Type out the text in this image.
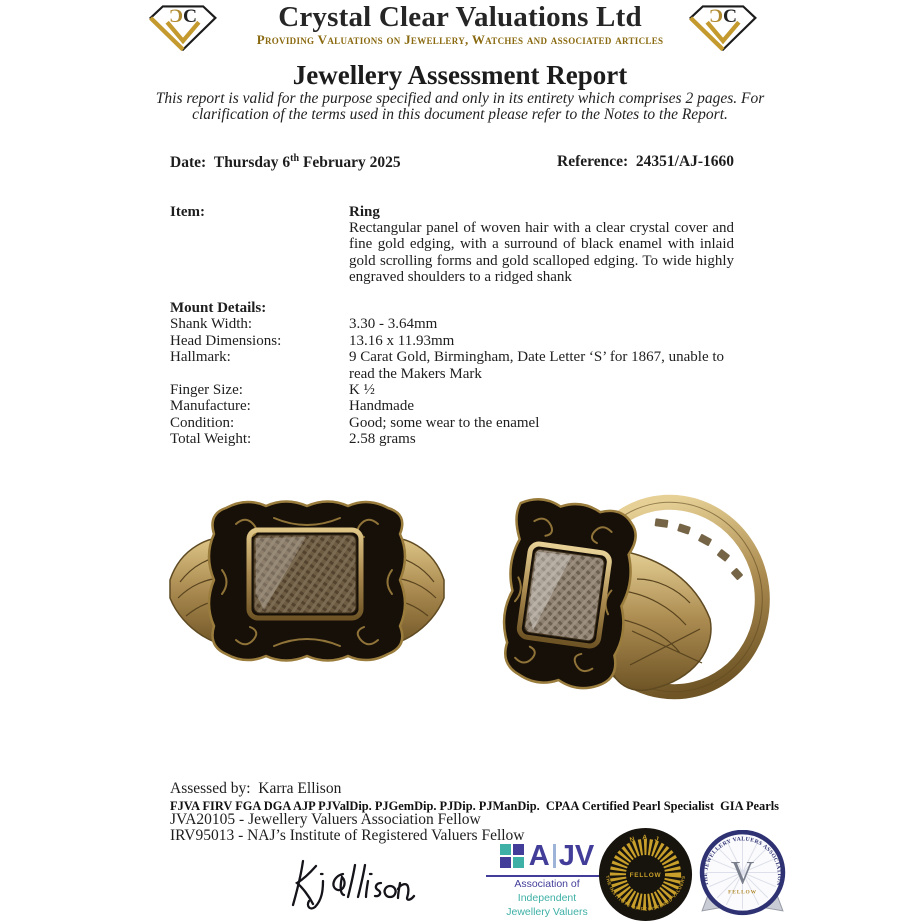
ƆC	Crystal Clear Valuations Ltd
Providing Valuations on Jewellery, Watches and associated articles
ƆC
Jewellery Assessment Report
This report is valid for the purpose specified and only in its entirety which comprises 2 pages. For
clarification of the terms used in this document please refer to the Notes to the Report.
Date: Thursday 6th February 2025	Reference: 24351/AJ-1660
Item:	Ring
Rectangular panel of woven hair with a clear crystal cover and fine gold edging, with a surround of black enamel with inlaid gold scrolling forms and gold scalloped edging. To wide highly engraved shoulders to a ridged shank
Mount Details:
Shank Width:	3.30 - 3.64mm
Head Dimensions:	13.16 x 11.93mm
Hallmark:	9 Carat Gold, Birmingham, Date Letter ‘S’ for 1867, unable to read the Makers Mark
Finger Size:	K ½
Manufacture:	Handmade
Condition:	Good; some wear to the enamel
Total Weight:	2.58 grams
Assessed by:  Karra Ellison
FJVA FIRV FGA DGA AJP PJValDip. PJGemDip. PJDip. PJManDip.  CPAA Certified Pearl Specialist  GIA Pearls
JVA20105 - Jewellery Valuers Association Fellow
IRV95013 - NAJ’s Institute of Registered Valuers Fellow
A JV
Association of
Independent
Jewellery Valuers
N A J
THE INSTITUTE OF REGISTERED VALUERS
FELLOW
THE JEWELLERY VALUERS ASSOCIATION
V
FELLOW
